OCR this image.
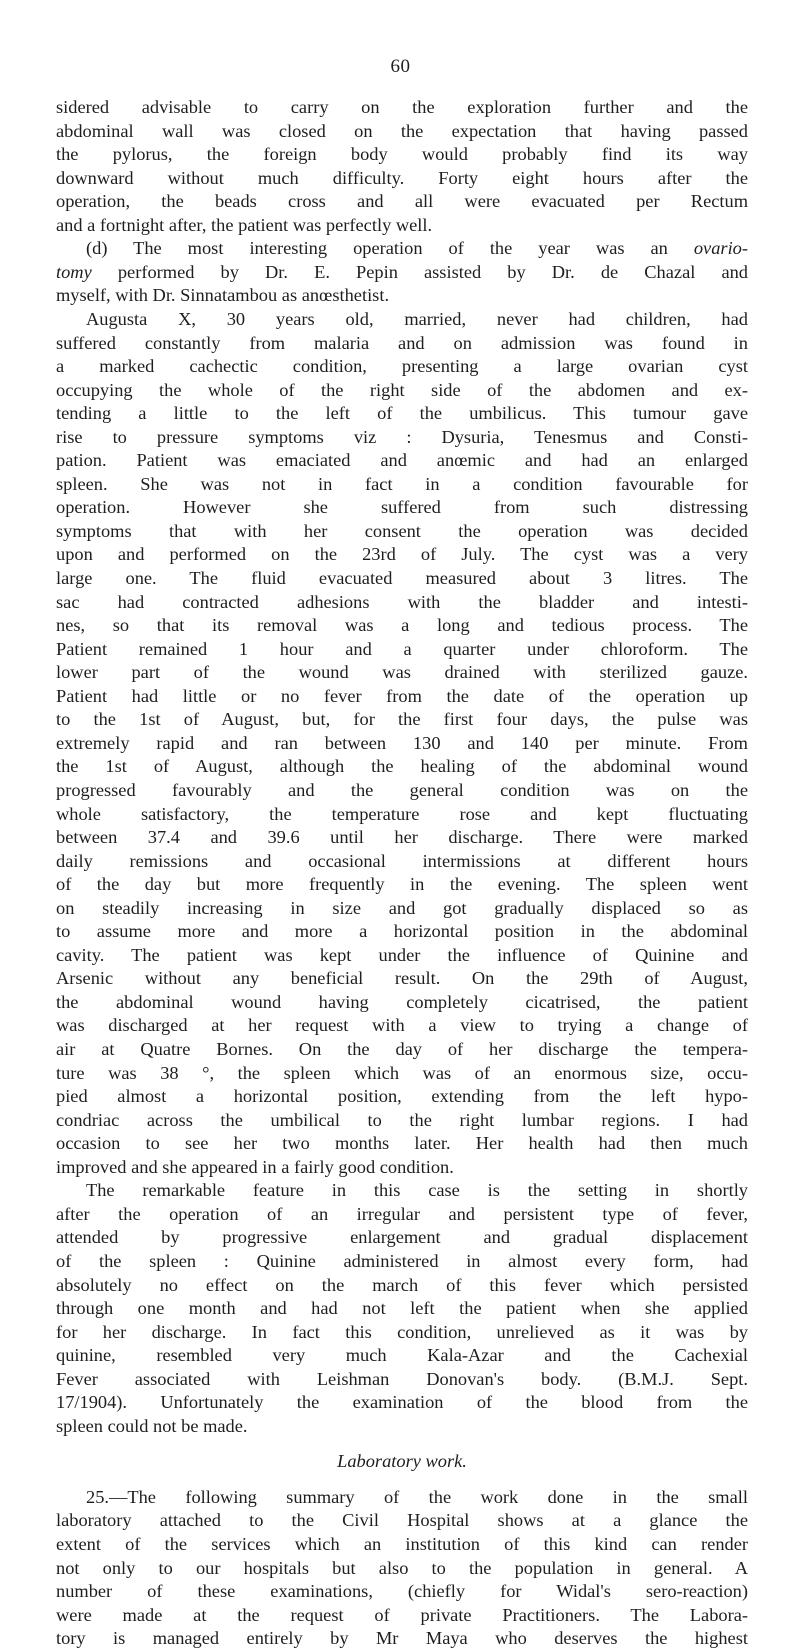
60
sidered advisable to carry on the exploration further and the
abdominal wall was closed on the expectation that having passed
the pylorus, the foreign body would probably find its way
downward without much difficulty. Forty eight hours after the
operation, the beads cross and all were evacuated per Rectum
and a fortnight after, the patient was perfectly well.
(d) The most interesting operation of the year was an ovario-
tomy performed by Dr. E. Pepin assisted by Dr. de Chazal and
myself, with Dr. Sinnatambou as anœsthetist.
Augusta X, 30 years old, married, never had children, had
suffered constantly from malaria and on admission was found in
a marked cachectic condition, presenting a large ovarian cyst
occupying the whole of the right side of the abdomen and ex-
tending a little to the left of the umbilicus. This tumour gave
rise to pressure symptoms viz : Dysuria, Tenesmus and Consti-
pation. Patient was emaciated and anœmic and had an enlarged
spleen. She was not in fact in a condition favourable for
operation. However she suffered from such distressing
symptoms that with her consent the operation was decided
upon and performed on the 23rd of July. The cyst was a very
large one. The fluid evacuated measured about 3 litres. The
sac had contracted adhesions with the bladder and intesti-
nes, so that its removal was a long and tedious process. The
Patient remained 1 hour and a quarter under chloroform. The
lower part of the wound was drained with sterilized gauze.
Patient had little or no fever from the date of the operation up
to the 1st of August, but, for the first four days, the pulse was
extremely rapid and ran between 130 and 140 per minute. From
the 1st of August, although the healing of the abdominal wound
progressed favourably and the general condition was on the
whole satisfactory, the temperature rose and kept fluctuating
between 37.4 and 39.6 until her discharge. There were marked
daily remissions and occasional intermissions at different hours
of the day but more frequently in the evening. The spleen went
on steadily increasing in size and got gradually displaced so as
to assume more and more a horizontal position in the abdominal
cavity. The patient was kept under the influence of Quinine and
Arsenic without any beneficial result. On the 29th of August,
the abdominal wound having completely cicatrised, the patient
was discharged at her request with a view to trying a change of
air at Quatre Bornes. On the day of her discharge the tempera-
ture was 38 °, the spleen which was of an enormous size, occu-
pied almost a horizontal position, extending from the left hypo-
condriac across the umbilical to the right lumbar regions. I had
occasion to see her two months later. Her health had then much
improved and she appeared in a fairly good condition.
The remarkable feature in this case is the setting in shortly
after the operation of an irregular and persistent type of fever,
attended by progressive enlargement and gradual displacement
of the spleen : Quinine administered in almost every form, had
absolutely no effect on the march of this fever which persisted
through one month and had not left the patient when she applied
for her discharge. In fact this condition, unrelieved as it was by
quinine, resembled very much Kala-Azar and the Cachexial
Fever associated with Leishman Donovan's body. (B.M.J. Sept.
17/1904). Unfortunately the examination of the blood from the
spleen could not be made.
Laboratory work.
25.—The following summary of the work done in the small
laboratory attached to the Civil Hospital shows at a glance the
extent of the services which an institution of this kind can render
not only to our hospitals but also to the population in general. A
number of these examinations, (chiefly for Widal's sero-reaction)
were made at the request of private Practitioners. The Labora-
tory is managed entirely by Mr Maya who deserves the highest
